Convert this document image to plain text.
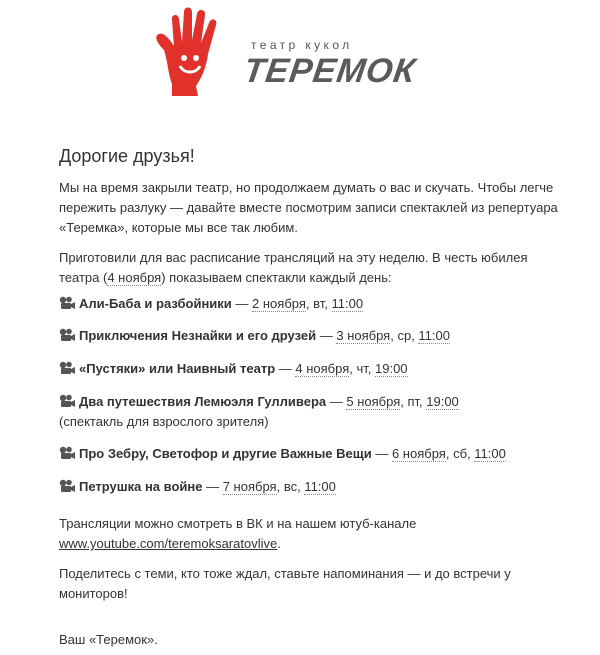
театр кукол
ТЕРЕМОК
Дорогие друзья!

Мы на время закрыли театр, но продолжаем думать о вас и скучать. Чтобы легче пережить разлуку — давайте вместе посмотрим записи спектаклей из репертуара «Теремка», которые мы все так любим.

Приготовили для вас расписание трансляций на эту неделю. В честь юбилея театра (4 ноября) показываем спектакли каждый день:

Али-Баба и разбойники — 2 ноября, вт, 11:00
Приключения Незнайки и его друзей — 3 ноября, ср, 11:00
«Пустяки» или Наивный театр — 4 ноября, чт, 19:00
Два путешествия Лемюэля Гулливера — 5 ноября, пт, 19:00
(спектакль для взрослого зрителя)
Про Зебру, Светофор и другие Важные Вещи — 6 ноября, сб, 11:00
Петрушка на войне — 7 ноября, вс, 11:00

Трансляции можно смотреть в ВК и на нашем ютуб-канале
www.youtube.com/teremoksaratovlive.

Поделитесь с теми, кто тоже ждал, ставьте напоминания — и до встречи у мониторов!

Ваш «Теремок».
